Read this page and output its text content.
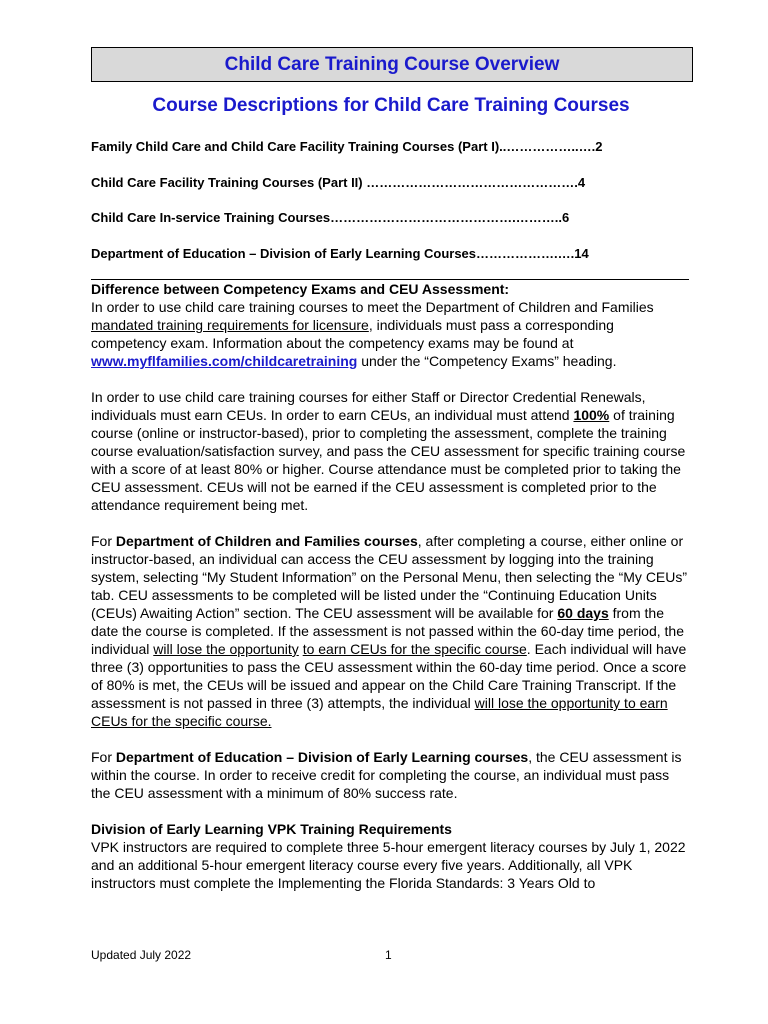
Child Care Training Course Overview
Course Descriptions for Child Care Training Courses
Family Child Care and Child Care Facility Training Courses (Part I)..……………..….2
Child Care Facility Training Courses (Part II) ………………………………………….4
Child Care In-service Training Courses…………………………………….………..6
Department of Education – Division of Early Learning Courses……………….….14

Difference between Competency Exams and CEU Assessment:

In order to use child care training courses to meet the Department of Children and Families mandated training requirements for licensure, individuals must pass a corresponding competency exam. Information about the competency exams may be found at www.myflfamilies.com/childcaretraining under the “Competency Exams” heading.

In order to use child care training courses for either Staff or Director Credential Renewals, individuals must earn CEUs. In order to earn CEUs, an individual must attend 100% of training course (online or instructor-based), prior to completing the assessment, complete the training course evaluation/satisfaction survey, and pass the CEU assessment for specific training course with a score of at least 80% or higher. Course attendance must be completed prior to taking the CEU assessment. CEUs will not be earned if the CEU assessment is completed prior to the attendance requirement being met.

For Department of Children and Families courses, after completing a course, either online or instructor-based, an individual can access the CEU assessment by logging into the training system, selecting “My Student Information” on the Personal Menu, then selecting the “My CEUs” tab. CEU assessments to be completed will be listed under the “Continuing Education Units (CEUs) Awaiting Action” section. The CEU assessment will be available for 60 days from the date the course is completed. If the assessment is not passed within the 60-day time period, the individual will lose the opportunity to earn CEUs for the specific course. Each individual will have three (3) opportunities to pass the CEU assessment within the 60-day time period. Once a score of 80% is met, the CEUs will be issued and appear on the Child Care Training Transcript. If the assessment is not passed in three (3) attempts, the individual will lose the opportunity to earn CEUs for the specific course.

For Department of Education – Division of Early Learning courses, the CEU assessment is within the course. In order to receive credit for completing the course, an individual must pass the CEU assessment with a minimum of 80% success rate.

Division of Early Learning VPK Training Requirements

VPK instructors are required to complete three 5-hour emergent literacy courses by July 1, 2022 and an additional 5-hour emergent literacy course every five years. Additionally, all VPK instructors must complete the Implementing the Florida Standards: 3 Years Old to

Updated July 2022	1
